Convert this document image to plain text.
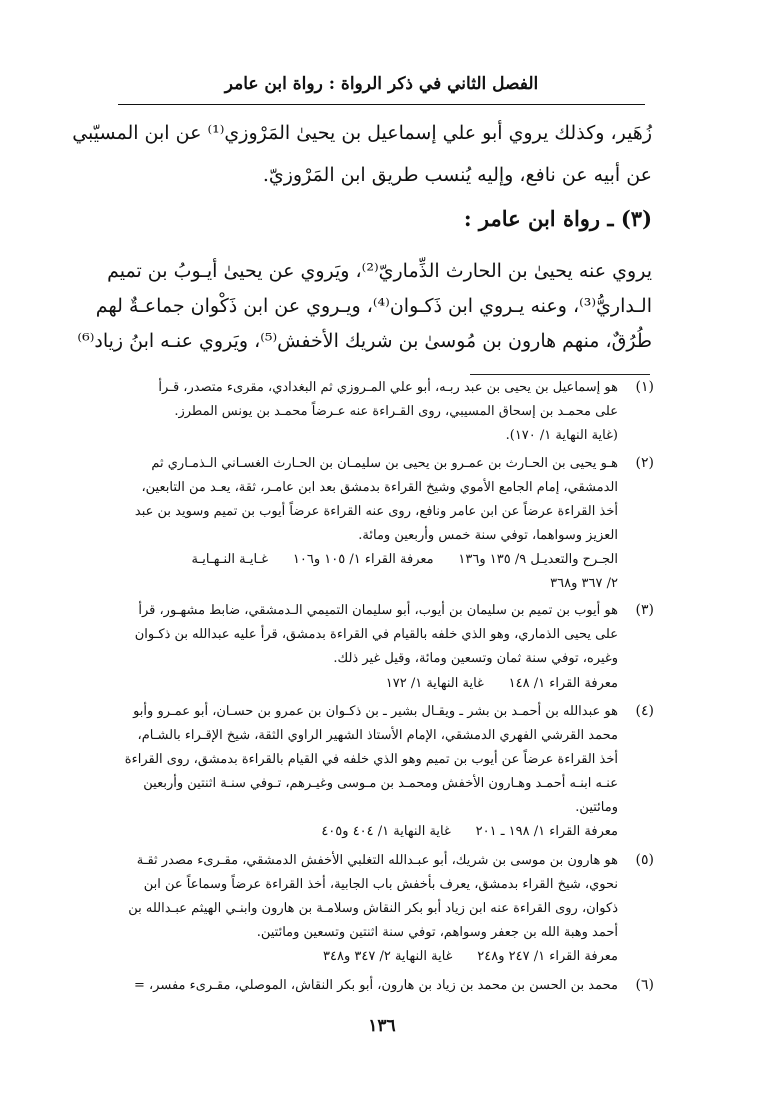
الفصل الثاني في ذكر الرواة : رواة ابن عامر
زُهَير، وكذلك يروي أبو علي إسماعيل بن يحيىٰ المَرْوزي⁽¹⁾ عن ابن المسيّبي
عن أبيه عن نافع، وإليه يُنسب طريق ابن المَرْوزيّ.
(٣) ـ رواة ابن عامر :
يروي عنه يحيىٰ بن الحارث الذِّماريّ⁽²⁾، ويَروي عن يحيىٰ أيـوبُ بن تميم
الـداريُّ⁽³⁾، وعنه يـروي ابن ذَكـوان⁽⁴⁾، ويـروي عن ابن ذَكْوان جماعـةٌ لهم
طُرُقٌ، منهم هارون بن مُوسىٰ بن شريك الأخفش⁽⁵⁾، ويَروي عنـه ابنُ زياد⁽⁶⁾
(١)
هو إسماعيل بن يحيى بن عبد ربـه، أبو علي المـروزي ثم البغدادي، مقرىء متصدر، قـرأ
على محمـد بن إسحاق المسيبي، روى القـراءة عنه عـرضاً محمـد بن يونس المطرز.
(غاية النهاية ١/ ١٧٠).
(٢)
هـو يحيى بن الحـارث بن عمـرو بن يحيى بن سليمـان بن الحـارث الغسـاني الـذمـاري ثم
الدمشقي، إمام الجامع الأموي وشيخ القراءة بدمشق بعد ابن عامـر، ثقة، يعـد من التابعين،
أخذ القراءة عرضاً عن ابن عامر ونافع، روى عنه القراءة عرضاً أيوب بن تميم وسويد بن عبد
العزيز وسواهما، توفي سنة خمس وأربعين ومائة.
الجـرح والتعديـل ٩/ ١٣٥ و١٣٦      معرفة القراء ١/ ١٠٥ و١٠٦      غـايـة النـهـايـة
٢/ ٣٦٧ و٣٦٨
(٣)
هو أيوب بن تميم بن سليمان بن أيوب، أبو سليمان التميمي الـدمشقي، ضابط مشهـور، قرأ
على يحيى الذماري، وهو الذي خلفه بالقيام في القراءة بدمشق، قرأ عليه عبدالله بن ذكـوان
وغيره، توفي سنة ثمان وتسعين ومائة، وقيل غير ذلك.
معرفة القراء ١/ ١٤٨      غاية النهاية ١/ ١٧٢
(٤)
هو عبدالله بن أحمـد بن بشر ـ ويقـال بشير ـ بن ذكـوان بن عمرو بن حسـان، أبو عمـرو وأبو
محمد القرشي الفهري الدمشقي، الإمام الأستاذ الشهير الراوي الثقة، شيخ الإقـراء بالشـام،
أخذ القراءة عرضاً عن أيوب بن تميم وهو الذي خلفه في القيام بالقراءة بدمشق، روى القراءة
عنـه ابنـه أحمـد وهـارون الأخفش ومحمـد بن مـوسى وغيـرهم، تـوفي سنـة اثنتين وأربعين
ومائتين.
معرفة القراء ١/ ١٩٨ ـ ٢٠١      غاية النهاية ١/ ٤٠٤ و٤٠٥
(٥)
هو هارون بن موسى بن شريك، أبو عبـدالله التغلبي الأخفش الدمشقي، مقـرىء مصدر ثقـة
نحوي، شيخ القراء بدمشق، يعرف بأخفش باب الجابية، أخذ القراءة عرضاً وسماعاً عن ابن
ذكوان، روى القراءة عنه ابن زياد أبو بكر النقاش وسلامـة بن هارون وابنـي الهيثم عبـدالله بن
أحمد وهبة الله بن جعفر وسواهم، توفي سنة اثنتين وتسعين ومائتين.
معرفة القراء ١/ ٢٤٧ و٢٤٨      غاية النهاية ٢/ ٣٤٧ و٣٤٨
(٦)
محمد بن الحسن بن محمد بن زياد بن هارون، أبو بكر النقاش، الموصلي، مقـرىء مفسر، =
١٣٦
